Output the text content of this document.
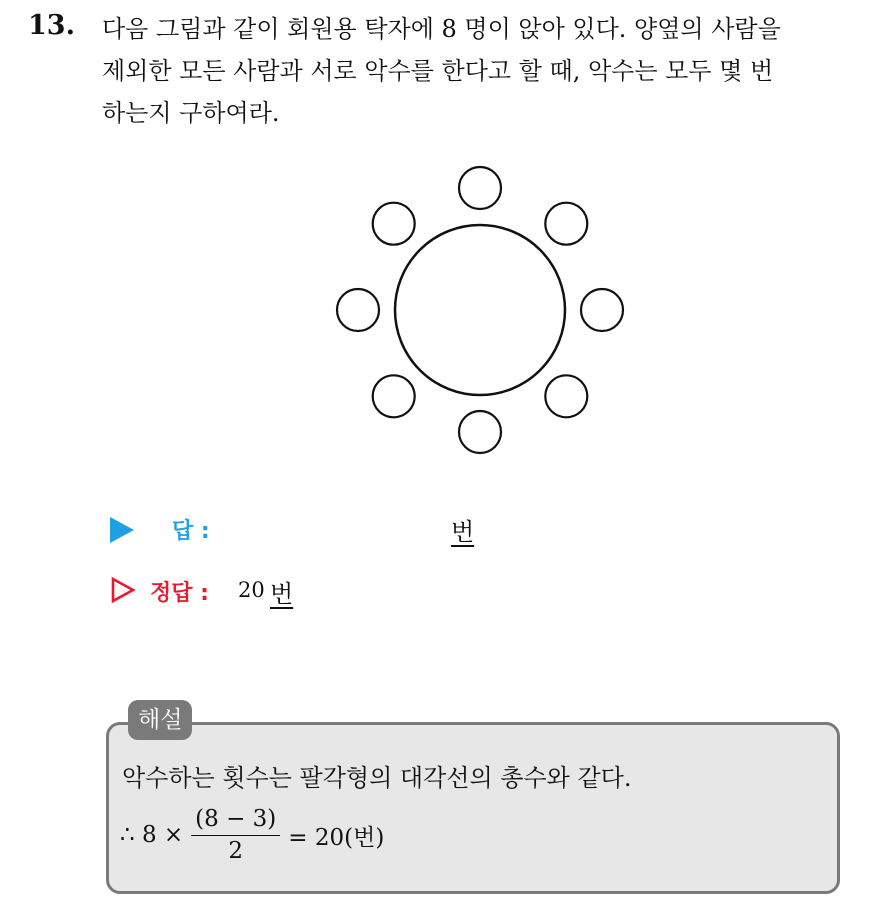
13. 다음 그림과 같이 회원용 탁자에 8 명이 앉아 있다. 양옆의 사람을
제외한 모든 사람과 서로 악수를 한다고 할 때, 악수는 모두 몇 번
하는지 구하여라.
답 :	번
정답 : 20 번
해설
악수하는 횟수는 팔각형의 대각선의 총수와 같다.
∴ $8 \times \frac{(8 - 3)}{2} = 20$(번)
